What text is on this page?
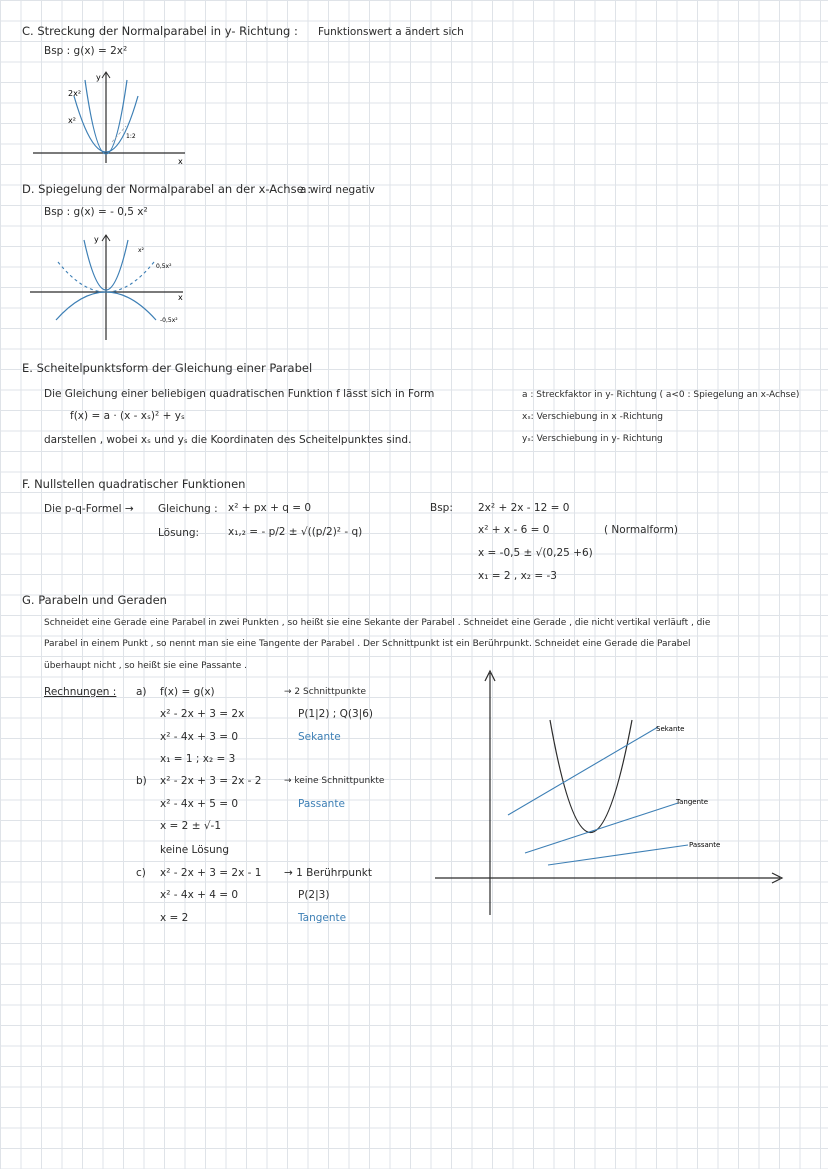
C. Streckung der Normalparabel in y- Richtung : Funktionswert a ändert sich
Bsp : g(x) = 2x²
2x²
x²
y
x
1:2
D. Spiegelung der Normalparabel an der x-Achse :
a wird negativ
Bsp : g(x) = - 0,5 x²
y
x
x²
0,5x²
-0,5x²
E. Scheitelpunktsform der Gleichung einer Parabel
Die Gleichung einer beliebigen quadratischen Funktion f lässt sich in Form
f(x) = a · (x - xₛ)² + yₛ
darstellen , wobei xₛ und yₛ die Koordinaten des Scheitelpunktes sind.
a : Streckfaktor in y- Richtung ( a<0 : Spiegelung an x-Achse)
xₛ: Verschiebung in x -Richtung
yₛ: Verschiebung in y- Richtung
F. Nullstellen quadratischer Funktionen
Die p-q-Formel → Gleichung : x² + px + q = 0
Lösung:	x₁,₂ = - p/2 ± √((p/2)² - q)
Bsp: 2x² + 2x - 12 = 0
x² + x - 6 = 0	( Normalform)
x = -0,5 ± √(0,25 +6)
x₁ = 2 , x₂ = -3
G. Parabeln und Geraden
Schneidet eine Gerade eine Parabel in zwei Punkten , so heißt sie eine Sekante der Parabel . Schneidet eine Gerade , die nicht vertikal verläuft , die
Parabel in einem Punkt , so nennt man sie eine Tangente der Parabel . Der Schnittpunkt ist ein Berührpunkt. Schneidet eine Gerade die Parabel
überhaupt nicht , so heißt sie eine Passante .
Rechnungen : a) f(x) = g(x)
x² - 2x + 3 = 2x
x² - 4x + 3 = 0
x₁ = 1 ; x₂ = 3
→ 2 Schnittpunkte
P(1|2) ; Q(3|6)
Sekante
b) x² - 2x + 3 = 2x - 2
x² - 4x + 5 = 0
x = 2 ± √-1
keine Lösung
→ keine Schnittpunkte
Passante
c) x² - 2x + 3 = 2x - 1
x² - 4x + 4 = 0
x = 2
→ 1 Berührpunkt
P(2|3)
Tangente
Sekante
Tangente
Passante
